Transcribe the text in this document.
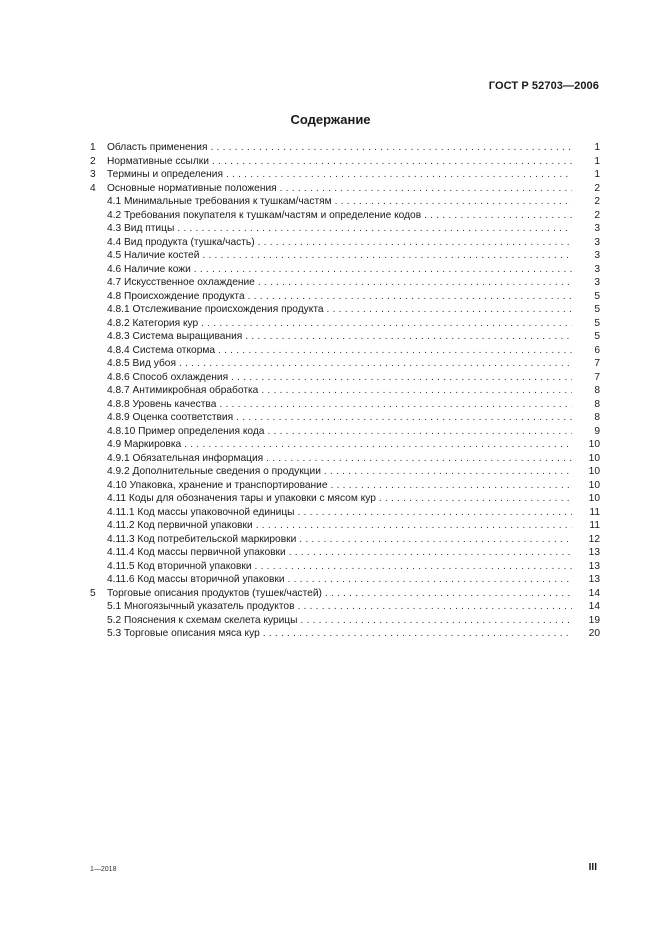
ГОСТ Р 52703—2006
Содержание
1	Область применения . . .	1
2	Нормативные ссылки . . .	1
3	Термины и определения . . .	1
4	Основные нормативные положения . . .	2
4.1 Минимальные требования к тушкам/частям . . .	2
4.2 Требования покупателя к тушкам/частям и определение кодов . . .	2
4.3 Вид птицы . . .	3
4.4 Вид продукта (тушка/часть) . . .	3
4.5 Наличие костей . . .	3
4.6 Наличие кожи . . .	3
4.7 Искусственное охлаждение . . .	3
4.8 Происхождение продукта . . .	5
4.8.1 Отслеживание происхождения продукта . . .	5
4.8.2 Категория кур . . .	5
4.8.3 Система выращивания . . .	5
4.8.4 Система откорма . . .	6
4.8.5 Вид убоя . . .	7
4.8.6 Способ охлаждения . . .	7
4.8.7 Антимикробная обработка . . .	8
4.8.8 Уровень качества . . .	8
4.8.9 Оценка соответствия . . .	8
4.8.10 Пример определения кода . . .	9
4.9 Маркировка . . .	10
4.9.1 Обязательная информация . . .	10
4.9.2 Дополнительные сведения о продукции . . .	10
4.10 Упаковка, хранение и транспортирование . . .	10
4.11 Коды для обозначения тары и упаковки с мясом кур . . .	10
4.11.1 Код массы упаковочной единицы . . .	11
4.11.2 Код первичной упаковки . . .	11
4.11.3 Код потребительской маркировки . . .	12
4.11.4 Код массы первичной упаковки . . .	13
4.11.5 Код вторичной упаковки . . .	13
4.11.6 Код массы вторичной упаковки . . .	13
5	Торговые описания продуктов (тушек/частей) . . .	14
5.1 Многоязычный указатель продуктов . . .	14
5.2 Пояснения к схемам скелета курицы . . .	19
5.3 Торговые описания мяса кур . . .	20
1—2018	III
